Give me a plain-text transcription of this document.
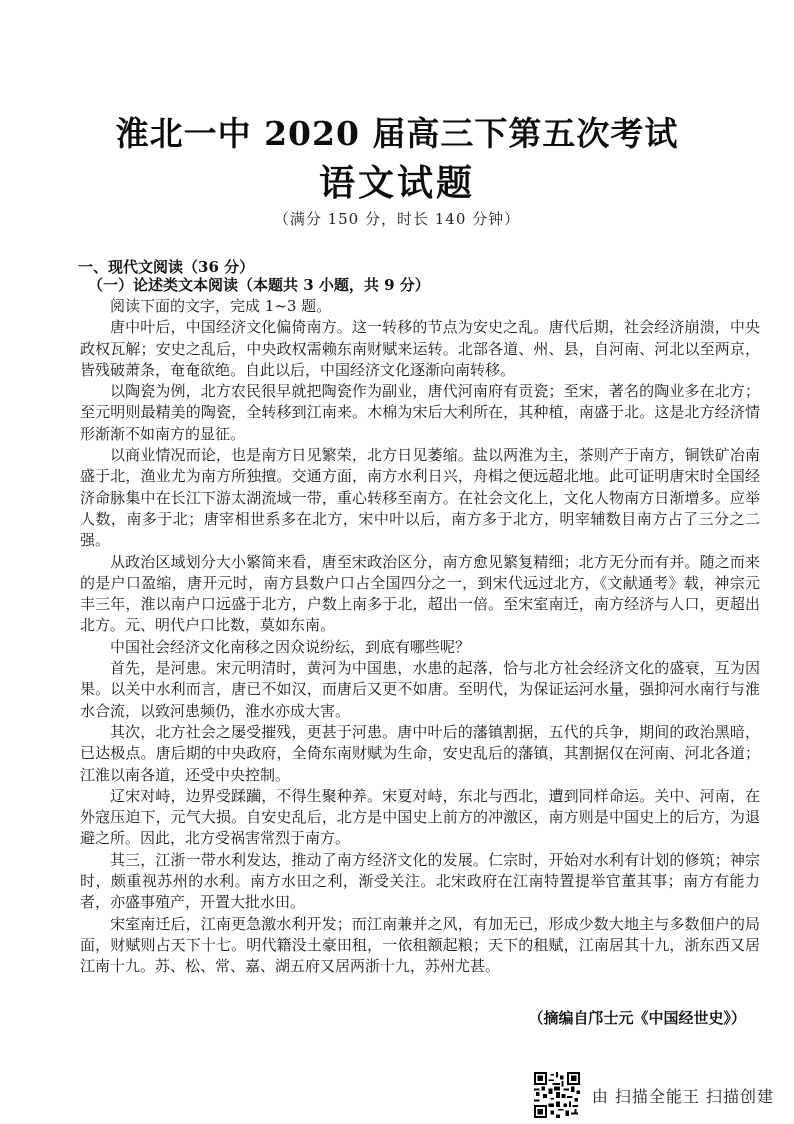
淮北一中 2020 届高三下第五次考试
语文试题
（满分 150 分，时长 140 分钟）
一、现代文阅读（36 分）
（一）论述类文本阅读（本题共 3 小题，共 9 分）

阅读下面的文字，完成 1~3 题。

唐中叶后，中国经济文化偏倚南方。这一转移的节点为安史之乱。唐代后期，社会经济崩溃，中央政权瓦解；安史之乱后，中央政权需赖东南财赋来运转。北部各道、州、县，自河南、河北以至两京，皆残破萧条，奄奄欲绝。自此以后，中国经济文化逐渐向南转移。

以陶瓷为例，北方农民很早就把陶瓷作为副业，唐代河南府有贡瓷；至宋，著名的陶业多在北方；至元明则最精美的陶瓷，全转移到江南来。木棉为宋后大利所在，其种植，南盛于北。这是北方经济情形渐渐不如南方的显征。

以商业情况而论，也是南方日见繁荣，北方日见萎缩。盐以两淮为主，茶则产于南方，铜铁矿冶南盛于北，渔业尤为南方所独擅。交通方面，南方水利日兴，舟楫之便远超北地。此可证明唐宋时全国经济命脉集中在长江下游太湖流域一带，重心转移至南方。在社会文化上，文化人物南方日渐增多。应举人数，南多于北；唐宰相世系多在北方，宋中叶以后，南方多于北方，明宰辅数目南方占了三分之二强。

从政治区域划分大小繁简来看，唐至宋政治区分，南方愈见繁复精细；北方无分而有并。随之而来的是户口盈缩，唐开元时，南方县数户口占全国四分之一，到宋代远过北方，《文献通考》载，神宗元丰三年，淮以南户口远盛于北方，户数上南多于北，超出一倍。至宋室南迁，南方经济与人口，更超出北方。元、明代户口比数，莫如东南。

中国社会经济文化南移之因众说纷纭，到底有哪些呢？

首先，是河患。宋元明清时，黄河为中国患，水患的起落，恰与北方社会经济文化的盛衰，互为因果。以关中水利而言，唐已不如汉，而唐后又更不如唐。至明代，为保证运河水量，强抑河水南行与淮水合流，以致河患频仍，淮水亦成大害。

其次，北方社会之屡受摧残，更甚于河患。唐中叶后的藩镇割据，五代的兵争，期间的政治黑暗，已达极点。唐后期的中央政府，全倚东南财赋为生命，安史乱后的藩镇，其割据仅在河南、河北各道；江淮以南各道，还受中央控制。

辽宋对峙，边界受蹂躏，不得生聚种养。宋夏对峙，东北与西北，遭到同样命运。关中、河南，在外寇压迫下，元气大损。自安史乱后，北方是中国史上前方的冲激区，南方则是中国史上的后方，为退避之所。因此，北方受祸害常烈于南方。

其三，江浙一带水利发达，推动了南方经济文化的发展。仁宗时，开始对水利有计划的修筑；神宗时，颇重视苏州的水利。南方水田之利，渐受关注。北宋政府在江南特置提举官董其事；南方有能力者，亦盛事殖产，开置大批水田。

宋室南迁后，江南更急激水利开发；而江南兼并之风，有加无已，形成少数大地主与多数佃户的局面，财赋则占天下十七。明代籍没土豪田租，一依租额起粮；天下的租赋，江南居其十九，浙东西又居江南十九。苏、松、常、嘉、湖五府又居两浙十九，苏州尤甚。

（摘编自邝士元《中国经世史》）
由 扫描全能王 扫描创建
